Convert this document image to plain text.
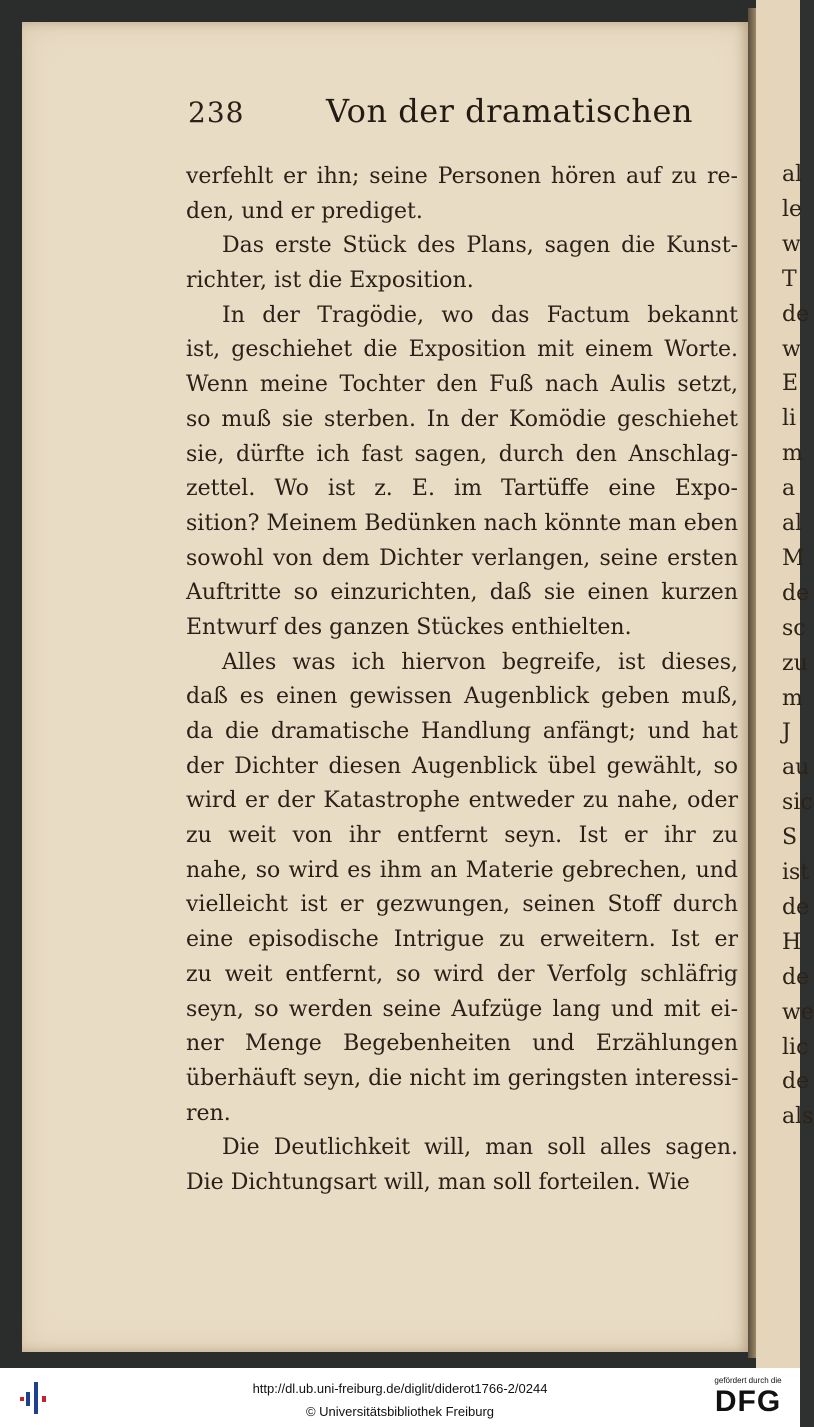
al
le
w
T
de
w
E
li
m
a
al
M
de
sc
zu
m
J
au
sic
S
ist
de
H
de
we
lic
de
als
238	Von der dramatischen
verfehlt er ihn; seine Personen hören auf zu re-
den, und er prediget.
Das erste Stück des Plans, sagen die Kunst-
richter, ist die Exposition.
In der Tragödie, wo das Factum bekannt
ist, geschiehet die Exposition mit einem Worte.
Wenn meine Tochter den Fuß nach Aulis setzt,
so muß sie sterben. In der Komödie geschiehet
sie, dürfte ich fast sagen, durch den Anschlag-
zettel. Wo ist z. E. im Tartüffe eine Expo-
sition? Meinem Bedünken nach könnte man eben
sowohl von dem Dichter verlangen, seine ersten
Auftritte so einzurichten, daß sie einen kurzen
Entwurf des ganzen Stückes enthielten.
Alles was ich hiervon begreife, ist dieses,
daß es einen gewissen Augenblick geben muß,
da die dramatische Handlung anfängt; und hat
der Dichter diesen Augenblick übel gewählt, so
wird er der Katastrophe entweder zu nahe, oder
zu weit von ihr entfernt seyn. Ist er ihr zu
nahe, so wird es ihm an Materie gebrechen, und
vielleicht ist er gezwungen, seinen Stoff durch
eine episodische Intrigue zu erweitern. Ist er
zu weit entfernt, so wird der Verfolg schläfrig
seyn, so werden seine Aufzüge lang und mit ei-
ner Menge Begebenheiten und Erzählungen
überhäuft seyn, die nicht im geringsten interessi-
ren.
Die Deutlichkeit will, man soll alles sagen.
Die Dichtungsart will, man soll forteilen. Wie
http://dl.ub.uni-freiburg.de/diglit/diderot1766-2/0244
© Universitätsbibliothek Freiburg
gefördert durch die
DFG
